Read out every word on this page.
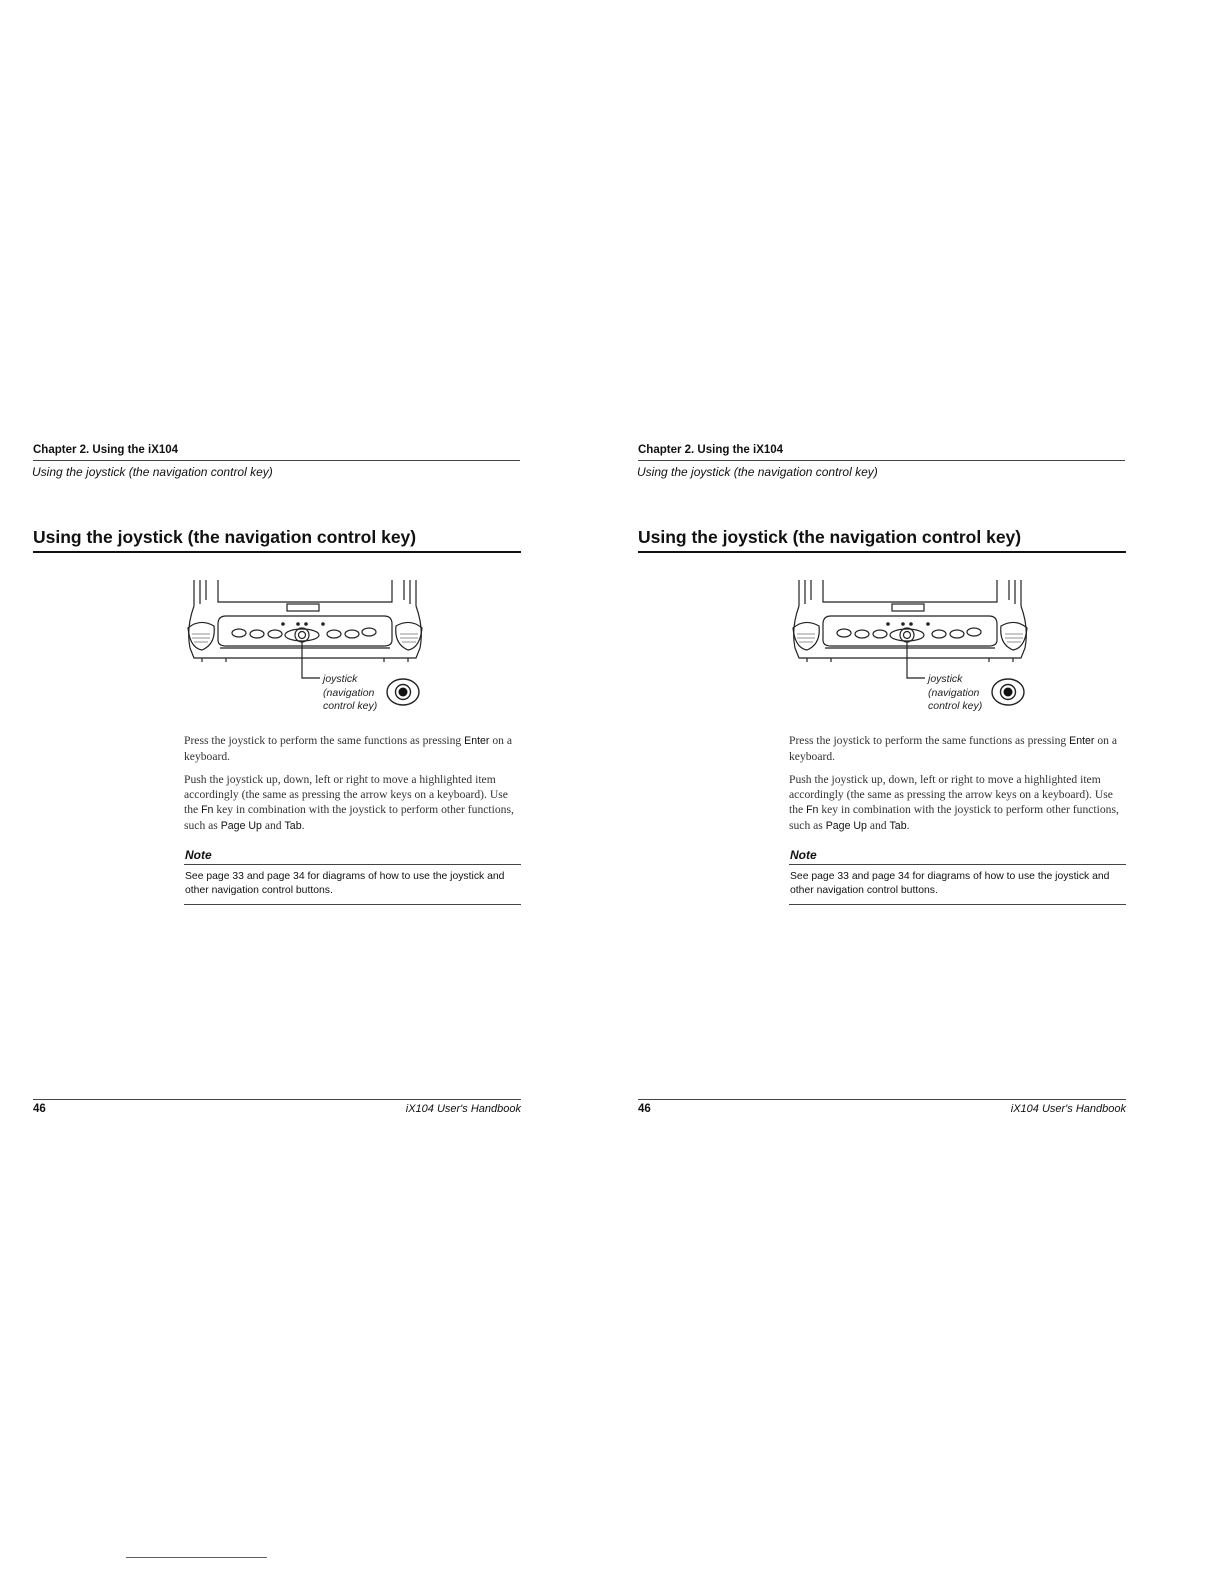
Chapter 2. Using the iX104
Using the joystick (the navigation control key)
Using the joystick (the navigation control key)
joystick
(navigation
control key)

Press the joystick to perform the same functions as pressing Enter on a keyboard.

Push the joystick up, down, left or right to move a highlighted item accordingly (the same as pressing the arrow keys on a keyboard). Use the Fn key in combination with the joystick to perform other functions, such as Page Up and Tab.

Note
See page 33 and page 34 for diagrams of how to use the joystick and other navigation control buttons.
46	iX104 User's Handbook
Chapter 2. Using the iX104
Using the joystick (the navigation control key)
Using the joystick (the navigation control key)
joystick
(navigation
control key)

Press the joystick to perform the same functions as pressing Enter on a keyboard.

Push the joystick up, down, left or right to move a highlighted item accordingly (the same as pressing the arrow keys on a keyboard). Use the Fn key in combination with the joystick to perform other functions, such as Page Up and Tab.

Note
See page 33 and page 34 for diagrams of how to use the joystick and other navigation control buttons.
46	iX104 User's Handbook
